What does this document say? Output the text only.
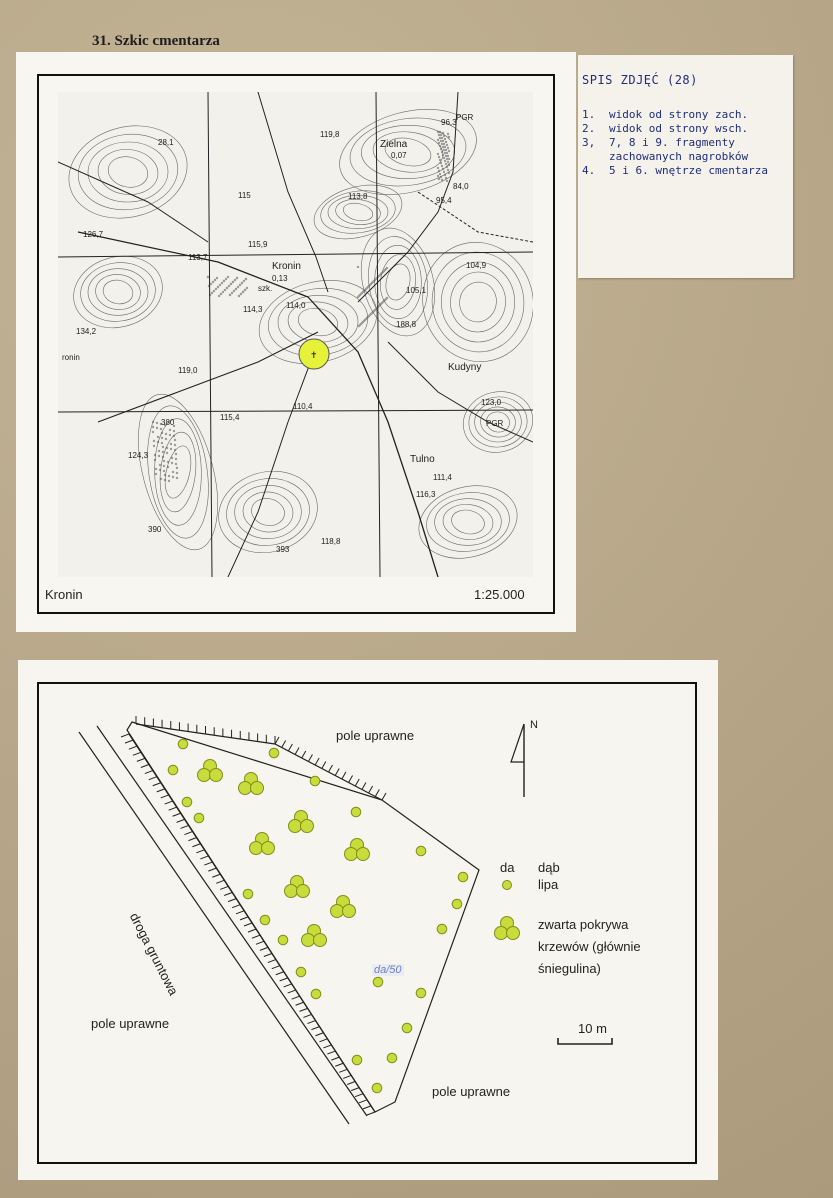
31. Szkic cmentarza
119,8
96,3
PGR
28,1	Zielna
0,07
84,0
115	113,8	95,4
126,7
115,9
113,7
Kronin
0,13
104,9
szk.
114,0
114,3
105,1
134,2
188,8
ronin
119,0	Kudyny
110,4	123,0
115,4
PGR
Tulno
124,3
380
111,4
116,3
390
118,8
393
✝
Kronin	1:25.000
SPIS ZDJĘĆ (28)
1.	widok od strony zach.
2.	widok od strony wsch.
3,	7, 8 i 9. fragmenty zachowanych nagrobków
4.	5 i 6. wnętrze cmentarza
pole uprawne
pole uprawne
pole uprawne
droga gruntowa
N
10 m
da/50
da dąb
lipa
zwarta pokrywa
krzewów (głównie
śniegulina)
